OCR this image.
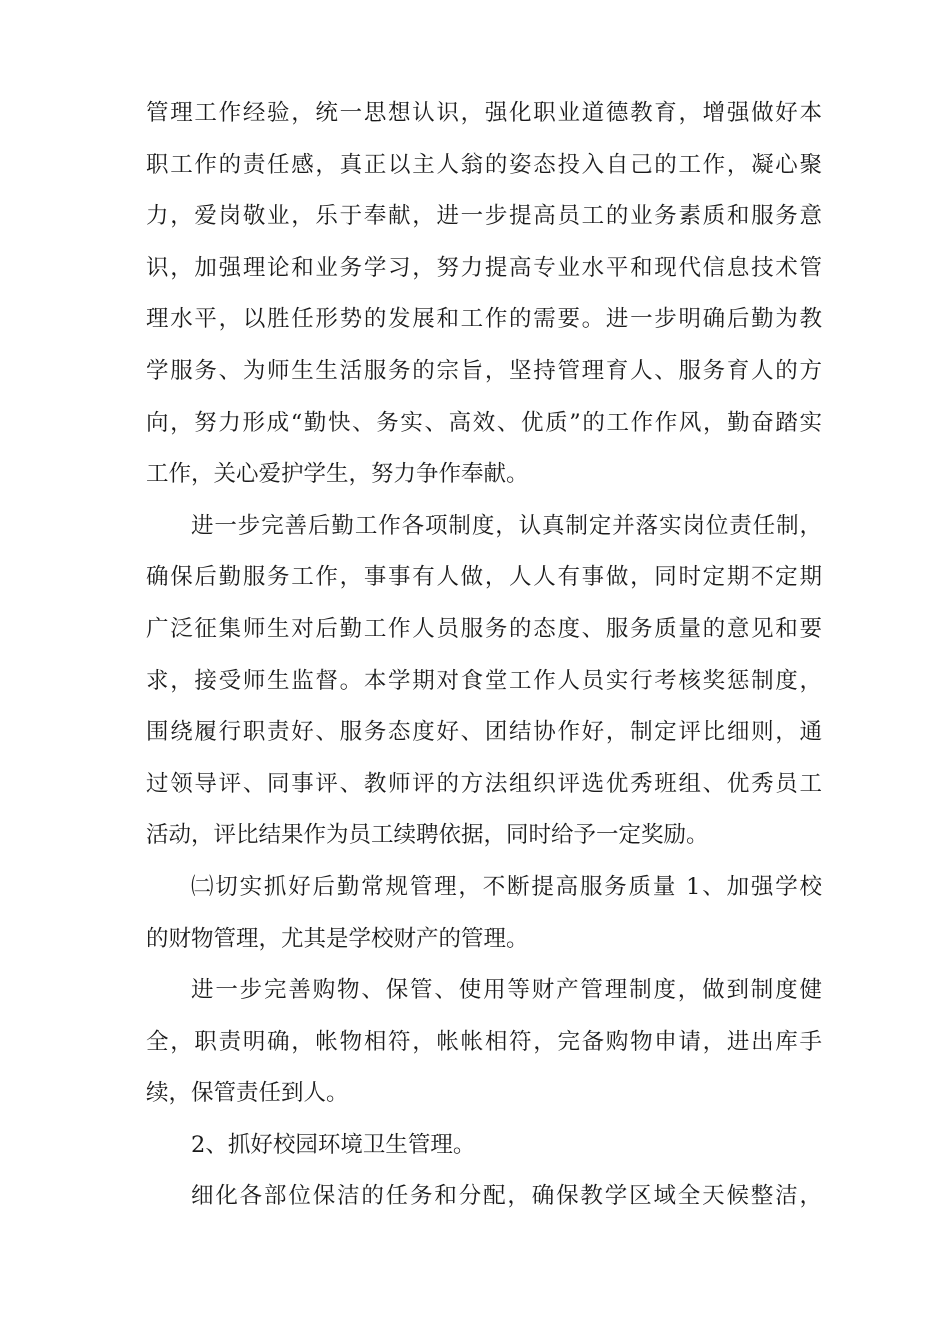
管理工作经验，统一思想认识，强化职业道德教育，增强做好本
职工作的责任感，真正以主人翁的姿态投入自己的工作，凝心聚
力，爱岗敬业，乐于奉献，进一步提高员工的业务素质和服务意
识，加强理论和业务学习，努力提高专业水平和现代信息技术管
理水平，以胜任形势的发展和工作的需要。进一步明确后勤为教
学服务、为师生生活服务的宗旨，坚持管理育人、服务育人的方
向，努力形成“勤快、务实、高效、优质”的工作作风，勤奋踏实
工作，关心爱护学生，努力争作奉献。
进一步完善后勤工作各项制度，认真制定并落实岗位责任制，
确保后勤服务工作，事事有人做，人人有事做，同时定期不定期
广泛征集师生对后勤工作人员服务的态度、服务质量的意见和要
求，接受师生监督。本学期对食堂工作人员实行考核奖惩制度，
围绕履行职责好、服务态度好、团结协作好，制定评比细则，通
过领导评、同事评、教师评的方法组织评选优秀班组、优秀员工
活动，评比结果作为员工续聘依据，同时给予一定奖励。
㈡切实抓好后勤常规管理，不断提高服务质量 1、加强学校
的财物管理，尤其是学校财产的管理。
进一步完善购物、保管、使用等财产管理制度，做到制度健
全，职责明确，帐物相符，帐帐相符，完备购物申请，进出库手
续，保管责任到人。
2、抓好校园环境卫生管理。
细化各部位保洁的任务和分配，确保教学区域全天候整洁，
